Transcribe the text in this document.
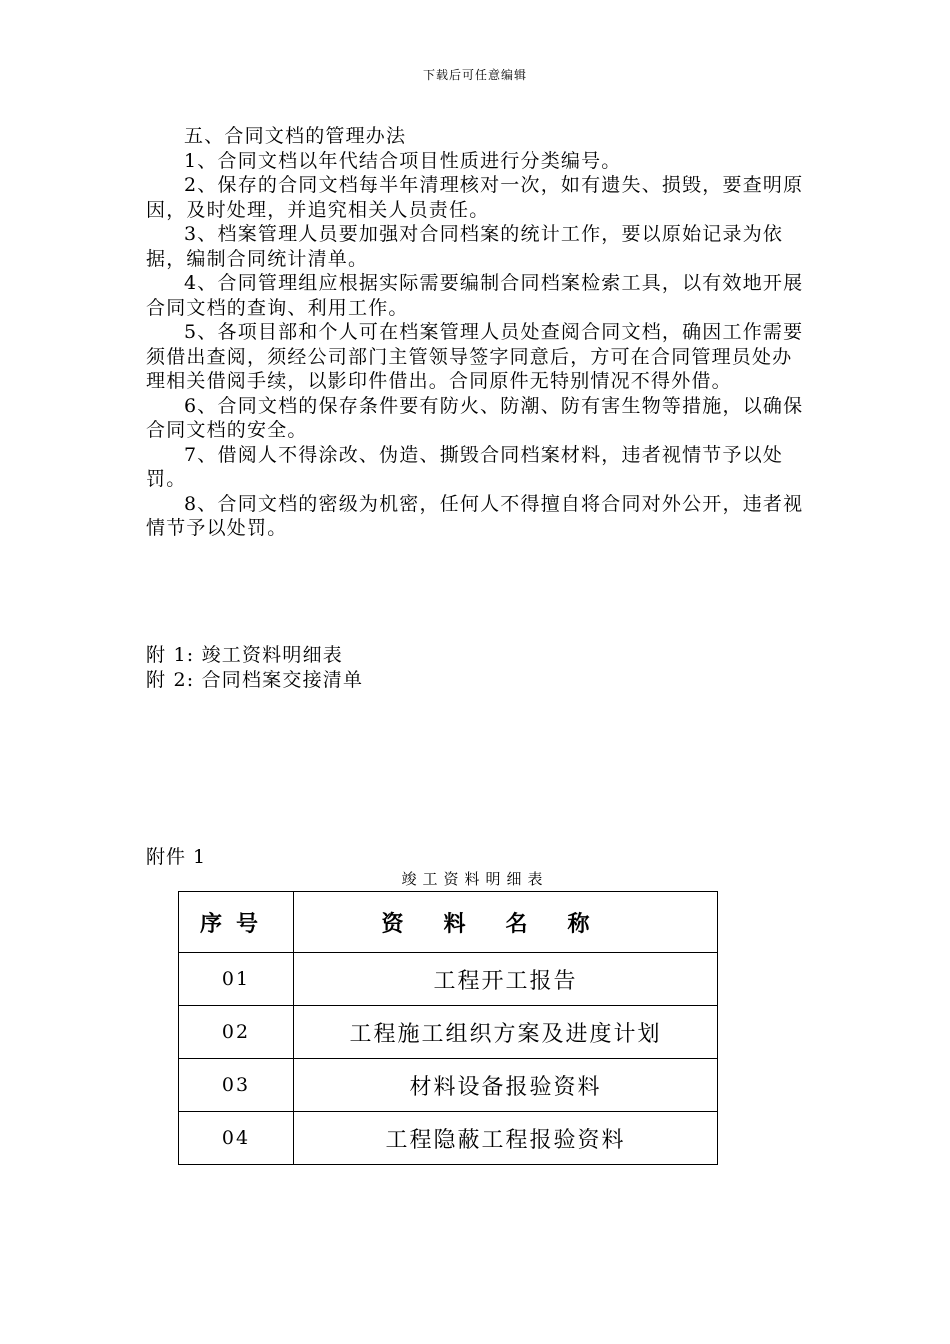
下载后可任意编辑

五、合同文档的管理办法

1、合同文档以年代结合项目性质进行分类编号。

2、保存的合同文档每半年清理核对一次，如有遗失、损毁，要查明原因，及时处理，并追究相关人员责任。

3、档案管理人员要加强对合同档案的统计工作，要以原始记录为依据，编制合同统计清单。

4、合同管理组应根据实际需要编制合同档案检索工具，以有效地开展合同文档的查询、利用工作。

5、各项目部和个人可在档案管理人员处查阅合同文档，确因工作需要须借出查阅，须经公司部门主管领导签字同意后，方可在合同管理员处办理相关借阅手续，以影印件借出。合同原件无特别情况不得外借。

6、合同文档的保存条件要有防火、防潮、防有害生物等措施，以确保合同文档的安全。

7、借阅人不得涂改、伪造、撕毁合同档案材料，违者视情节予以处罚。

8、合同文档的密级为机密，任何人不得擅自将合同对外公开，违者视情节予以处罚。

附 1: 竣工资料明细表
附 2: 合同档案交接清单
附件 1
竣工资料明细表
序号	资料名称
01	工程开工报告
02	工程施工组织方案及进度计划
03	材料设备报验资料
04	工程隐蔽工程报验资料
